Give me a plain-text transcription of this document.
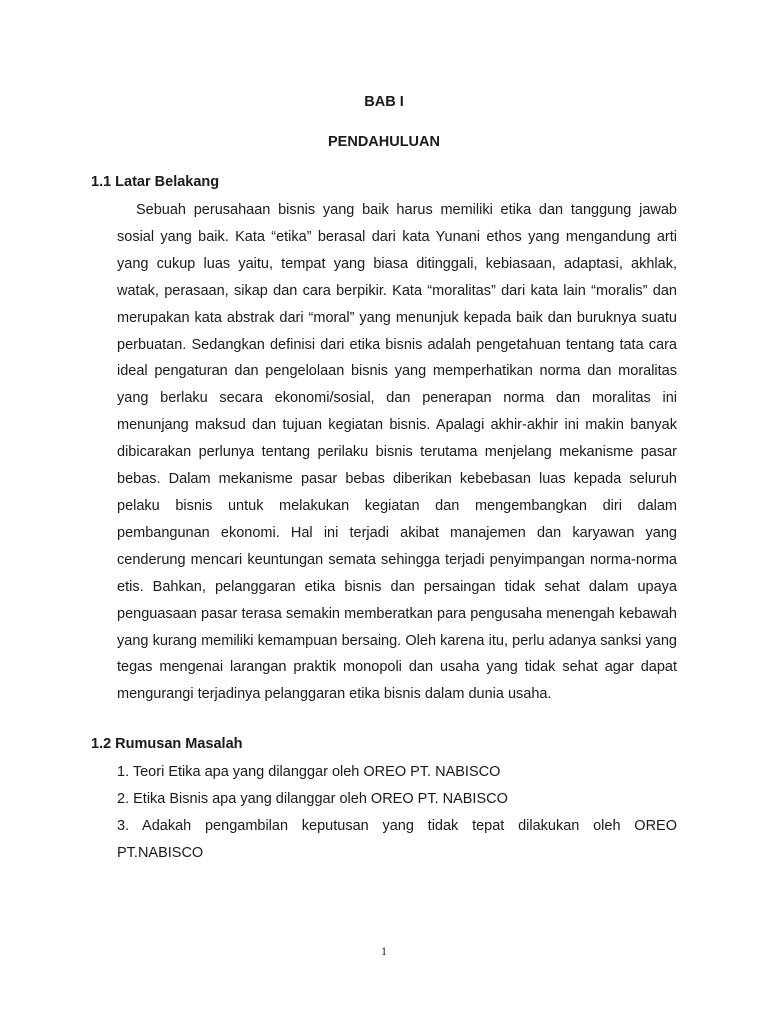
BAB I
PENDAHULUAN
1.1 Latar Belakang

Sebuah perusahaan bisnis yang baik harus memiliki etika dan tanggung jawab sosial yang baik. Kata “etika” berasal dari kata Yunani ethos yang mengandung arti yang cukup luas yaitu, tempat yang biasa ditinggali, kebiasaan, adaptasi, akhlak, watak, perasaan, sikap dan cara berpikir. Kata “moralitas” dari kata lain “moralis” dan merupakan kata abstrak dari “moral” yang menunjuk kepada baik dan buruknya suatu perbuatan. Sedangkan definisi dari etika bisnis adalah pengetahuan tentang tata cara ideal pengaturan dan pengelolaan bisnis yang memperhatikan norma dan moralitas yang berlaku secara ekonomi/sosial, dan penerapan norma dan moralitas ini menunjang maksud dan tujuan kegiatan bisnis. Apalagi akhir-akhir ini makin banyak dibicarakan perlunya tentang perilaku bisnis terutama menjelang mekanisme pasar bebas. Dalam mekanisme pasar bebas diberikan kebebasan luas kepada seluruh pelaku bisnis untuk melakukan kegiatan dan mengembangkan diri dalam pembangunan ekonomi. Hal ini terjadi akibat manajemen dan karyawan yang cenderung mencari keuntungan semata sehingga terjadi penyimpangan norma-norma etis. Bahkan, pelanggaran etika bisnis dan persaingan tidak sehat dalam upaya penguasaan pasar terasa semakin memberatkan para pengusaha menengah kebawah yang kurang memiliki kemampuan bersaing. Oleh karena itu, perlu adanya sanksi yang tegas mengenai larangan praktik monopoli dan usaha yang tidak sehat agar dapat mengurangi terjadinya pelanggaran etika bisnis dalam dunia usaha.

1.2 Rumusan Masalah
1. Teori Etika apa yang dilanggar oleh OREO PT. NABISCO
2. Etika Bisnis apa yang dilanggar oleh OREO PT. NABISCO
3. Adakah pengambilan keputusan yang tidak tepat dilakukan oleh OREO PT.NABISCO
1
